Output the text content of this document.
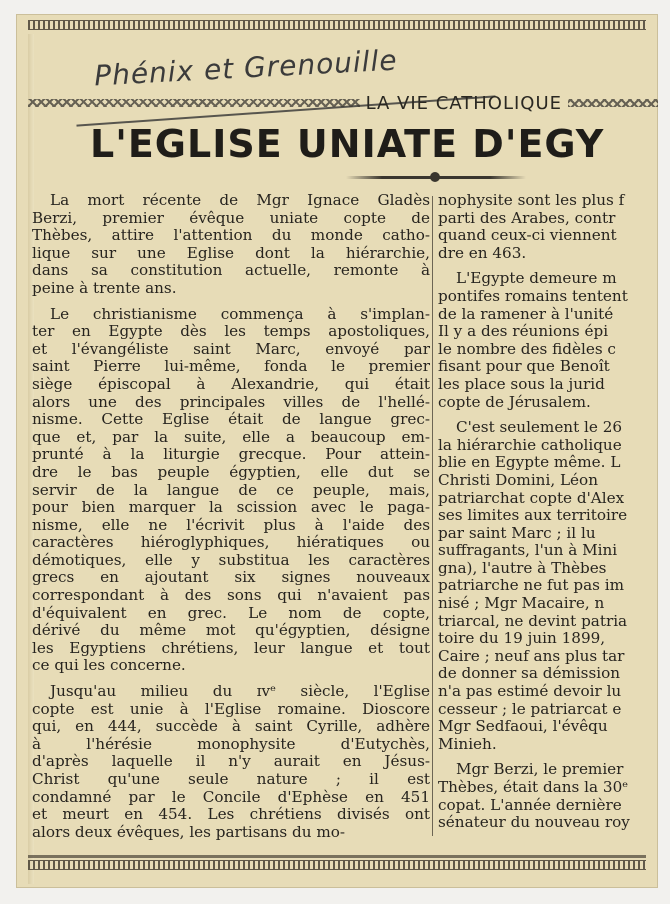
Phénix et Grenouille
LA VIE CATHOLIQUE
L'EGLISE UNIATE D'EGY

La mort récente de Mgr Ignace Gladès
Berzi, premier évêque uniate copte de
Thèbes, attire l'attention du monde catho-
lique sur une Eglise dont la hiérarchie,
dans sa constitution actuelle, remonte à
peine à trente ans.

Le christianisme commença à s'implan-
ter en Egypte dès les temps apostoliques,
et l'évangéliste saint Marc, envoyé par
saint Pierre lui-même, fonda le premier
siège épiscopal à Alexandrie, qui était
alors une des principales villes de l'hellé-
nisme. Cette Eglise était de langue grec-
que et, par la suite, elle a beaucoup em-
prunté à la liturgie grecque. Pour attein-
dre le bas peuple égyptien, elle dut se
servir de la langue de ce peuple, mais,
pour bien marquer la scission avec le paga-
nisme, elle ne l'écrivit plus à l'aide des
caractères hiéroglyphiques, hiératiques ou
démotiques, elle y substitua les caractères
grecs en ajoutant six signes nouveaux
correspondant à des sons qui n'avaient pas
d'équivalent en grec. Le nom de copte,
dérivé du même mot qu'égyptien, désigne
les Egyptiens chrétiens, leur langue et tout
ce qui les concerne.

Jusqu'au milieu du ɪvᵉ siècle, l'Eglise
copte est unie à l'Eglise romaine. Dioscore
qui, en 444, succède à saint Cyrille, adhère
à l'hérésie monophysite d'Eutychès,
d'après laquelle il n'y aurait en Jésus-
Christ qu'une seule nature ; il est
condamné par le Concile d'Ephèse en 451
et meurt en 454. Les chrétiens divisés ont
alors deux évêques, les partisans du mo-

nophysite sont les plus f
parti des Arabes, contr
quand ceux-ci viennent
dre en 463.

L'Egypte demeure m
pontifes romains tentent
de la ramener à l'unité
Il y a des réunions épi
le nombre des fidèles c
fisant pour que Benoît
les place sous la jurid
copte de Jérusalem.

C'est seulement le 26
la hiérarchie catholique
blie en Egypte même. L
Christi Domini, Léon
patriarchat copte d'Alex
ses limites aux territoire
par saint Marc ; il lu
suffragants, l'un à Mini
gna), l'autre à Thèbes
patriarche ne fut pas im
nisé ; Mgr Macaire, n
triarcal, ne devint patria
toire du 19 juin 1899,
Caire ; neuf ans plus tar
de donner sa démission
n'a pas estimé devoir lu
cesseur ; le patriarcat e
Mgr Sedfaoui, l'évêqu
Minieh.

Mgr Berzi, le premier
Thèbes, était dans la 30ᵉ
copat. L'année dernière
sénateur du nouveau roy
